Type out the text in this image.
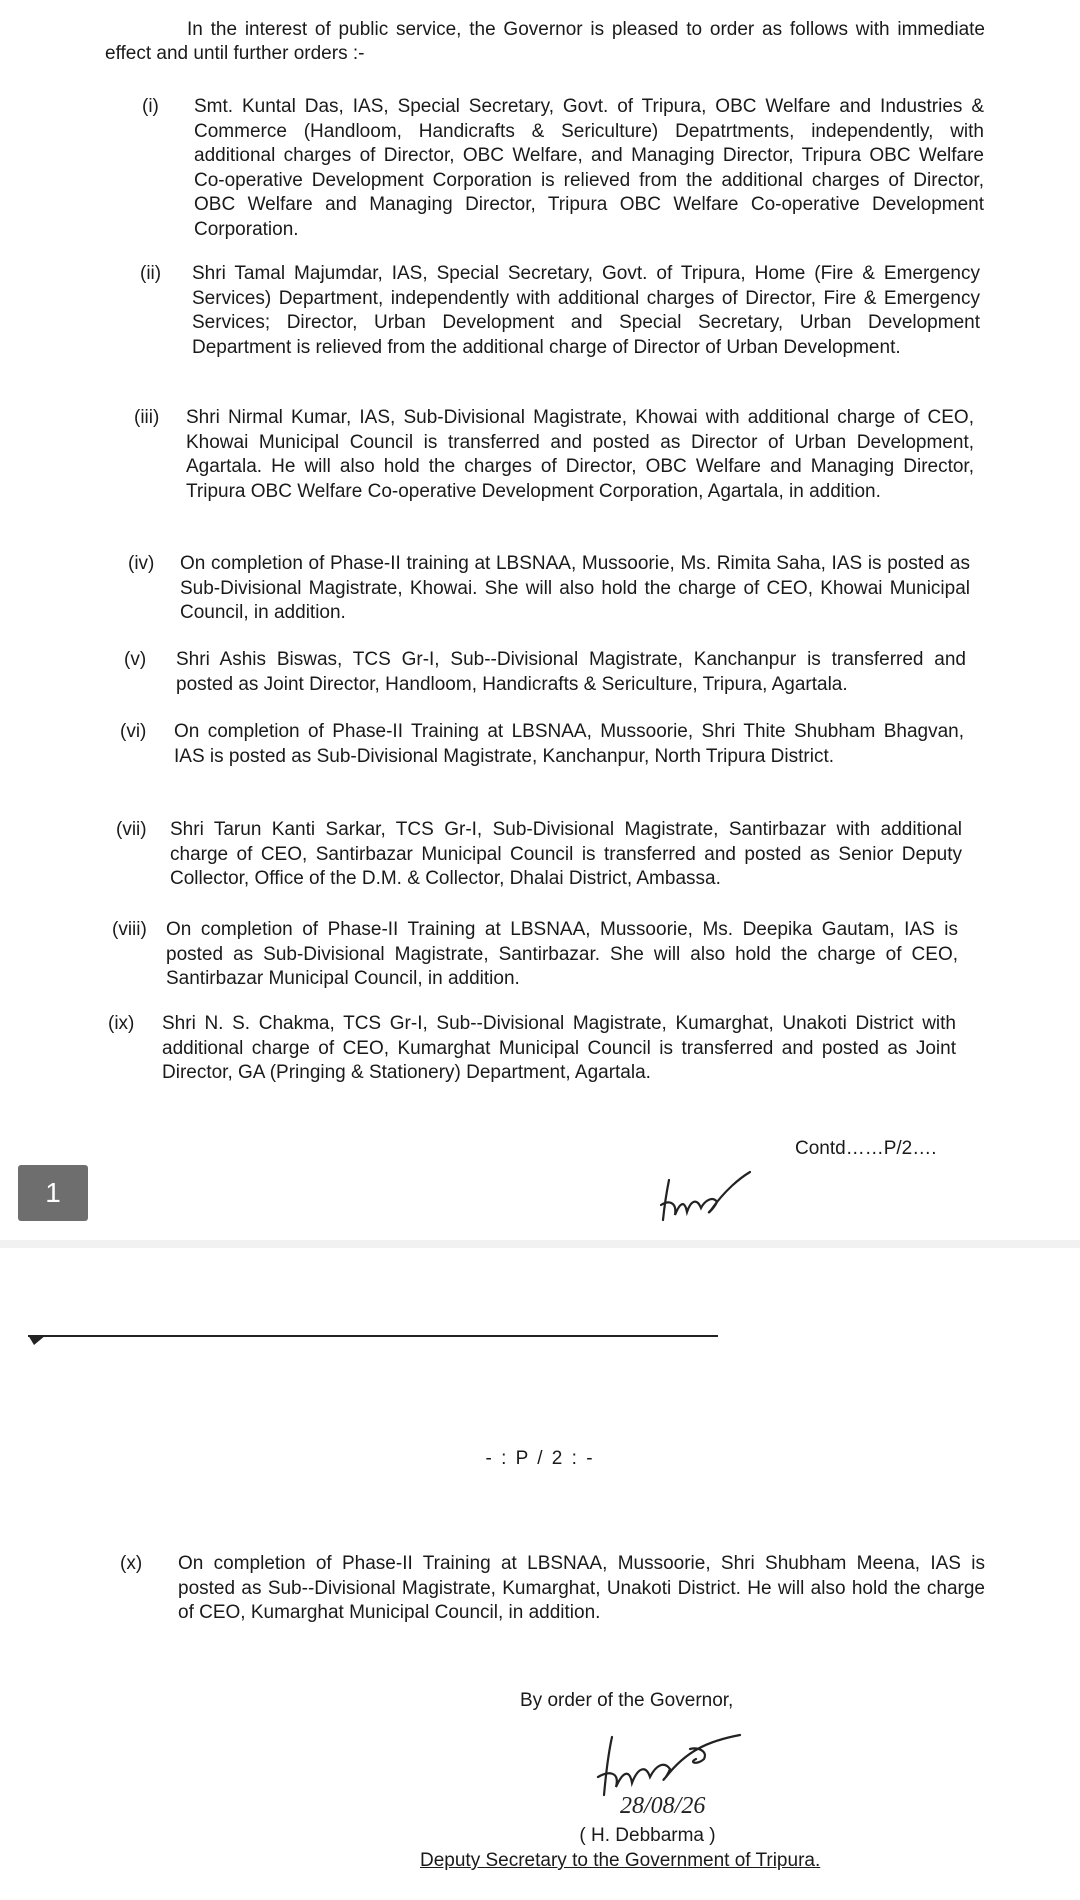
In the interest of public service, the Governor is pleased to order as follows with immediate effect and until further orders :-
(i)	Smt. Kuntal Das, IAS, Special Secretary, Govt. of Tripura, OBC Welfare and Industries & Commerce (Handloom, Handicrafts & Sericulture) Depatrtments, independently, with additional charges of Director, OBC Welfare, and Managing Director, Tripura OBC Welfare Co-operative Development Corporation is relieved from the additional charges of Director, OBC Welfare and Managing Director, Tripura OBC Welfare Co-operative Development Corporation.
(ii)	Shri Tamal Majumdar, IAS, Special Secretary, Govt. of Tripura, Home (Fire & Emergency Services) Department, independently with additional charges of Director, Fire & Emergency Services; Director, Urban Development and Special Secretary, Urban Development Department is relieved from the additional charge of Director of Urban Development.
(iii)	Shri Nirmal Kumar, IAS, Sub-Divisional Magistrate, Khowai with additional charge of CEO, Khowai Municipal Council is transferred and posted as Director of Urban Development, Agartala. He will also hold the charges of Director, OBC Welfare and Managing Director, Tripura OBC Welfare Co-operative Development Corporation, Agartala, in addition.
(iv)	On completion of Phase-II training at LBSNAA, Mussoorie, Ms. Rimita Saha, IAS is posted as Sub-Divisional Magistrate, Khowai. She will also hold the charge of CEO, Khowai Municipal Council, in addition.
(v)	Shri Ashis Biswas, TCS Gr-I, Sub--Divisional Magistrate, Kanchanpur is transferred and posted as Joint Director, Handloom, Handicrafts & Sericulture, Tripura, Agartala.
(vi)	On completion of Phase-II Training at LBSNAA, Mussoorie, Shri Thite Shubham Bhagvan, IAS is posted as Sub-Divisional Magistrate, Kanchanpur, North Tripura District.
(vii)	Shri Tarun Kanti Sarkar, TCS Gr-I, Sub-Divisional Magistrate, Santirbazar with additional charge of CEO, Santirbazar Municipal Council is transferred and posted as Senior Deputy Collector, Office of the D.M. & Collector, Dhalai District, Ambassa.
(viii)	On completion of Phase-II Training at LBSNAA, Mussoorie, Ms. Deepika Gautam, IAS is posted as Sub-Divisional Magistrate, Santirbazar. She will also hold the charge of CEO, Santirbazar Municipal Council, in addition.
(ix)	Shri N. S. Chakma, TCS Gr-I, Sub--Divisional Magistrate, Kumarghat, Unakoti District with additional charge of CEO, Kumarghat Municipal Council is transferred and posted as Joint Director, GA (Pringing & Stationery) Department, Agartala.
Contd……P/2….
1
- : P / 2 : -
(x)	On completion of Phase-II Training at LBSNAA, Mussoorie, Shri Shubham Meena, IAS is posted as Sub--Divisional Magistrate, Kumarghat, Unakoti District. He will also hold the charge of CEO, Kumarghat Municipal Council, in addition.
By order of the Governor,
28/08/26
( H. Debbarma )
Deputy Secretary to the Government of Tripura.
